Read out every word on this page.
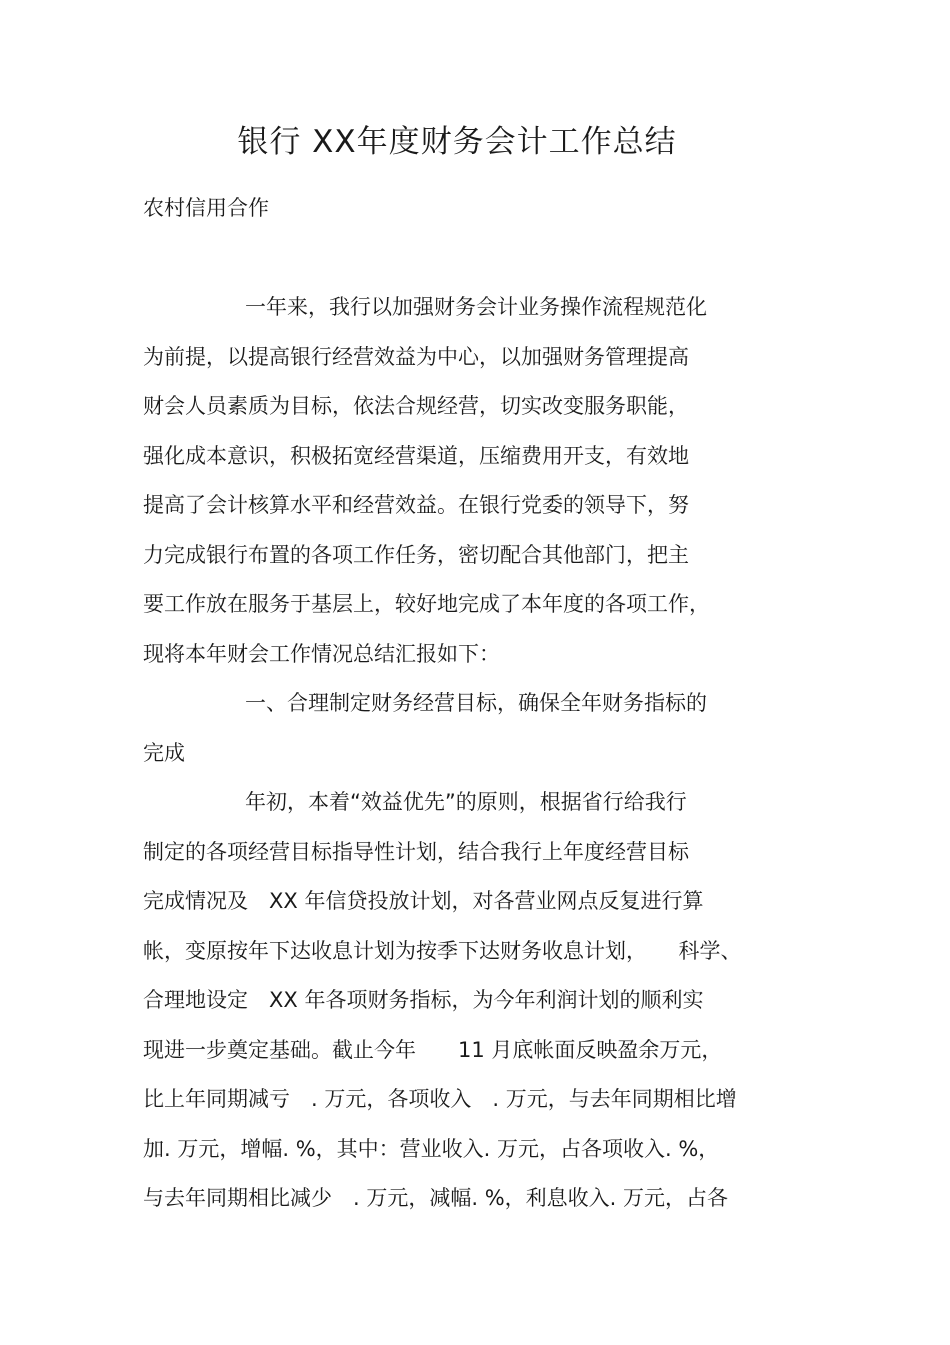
银行 XX年度财务会计工作总结
农村信用合作
一年来，我行以加强财务会计业务操作流程规范化
为前提，以提高银行经营效益为中心，以加强财务管理提高
财会人员素质为目标，依法合规经营，切实改变服务职能，
强化成本意识，积极拓宽经营渠道，压缩费用开支，有效地
提高了会计核算水平和经营效益。在银行党委的领导下，努
力完成银行布置的各项工作任务，密切配合其他部门，把主
要工作放在服务于基层上，较好地完成了本年度的各项工作，
现将本年财会工作情况总结汇报如下：
一、合理制定财务经营目标，确保全年财务指标的
完成
年初，本着“效益优先”的原则，根据省行给我行
制定的各项经营目标指导性计划，结合我行上年度经营目标
完成情况及　XX 年信贷投放计划，对各营业网点反复进行算
帐，变原按年下达收息计划为按季下达财务收息计划，　　科学、
合理地设定　XX 年各项财务指标，为今年利润计划的顺利实
现进一步奠定基础。截止今年　　11 月底帐面反映盈余万元，
比上年同期减亏　. 万元，各项收入　. 万元，与去年同期相比增
加. 万元，增幅. %，其中：营业收入. 万元，占各项收入. %，
与去年同期相比减少　. 万元，减幅. %，利息收入. 万元，占各
